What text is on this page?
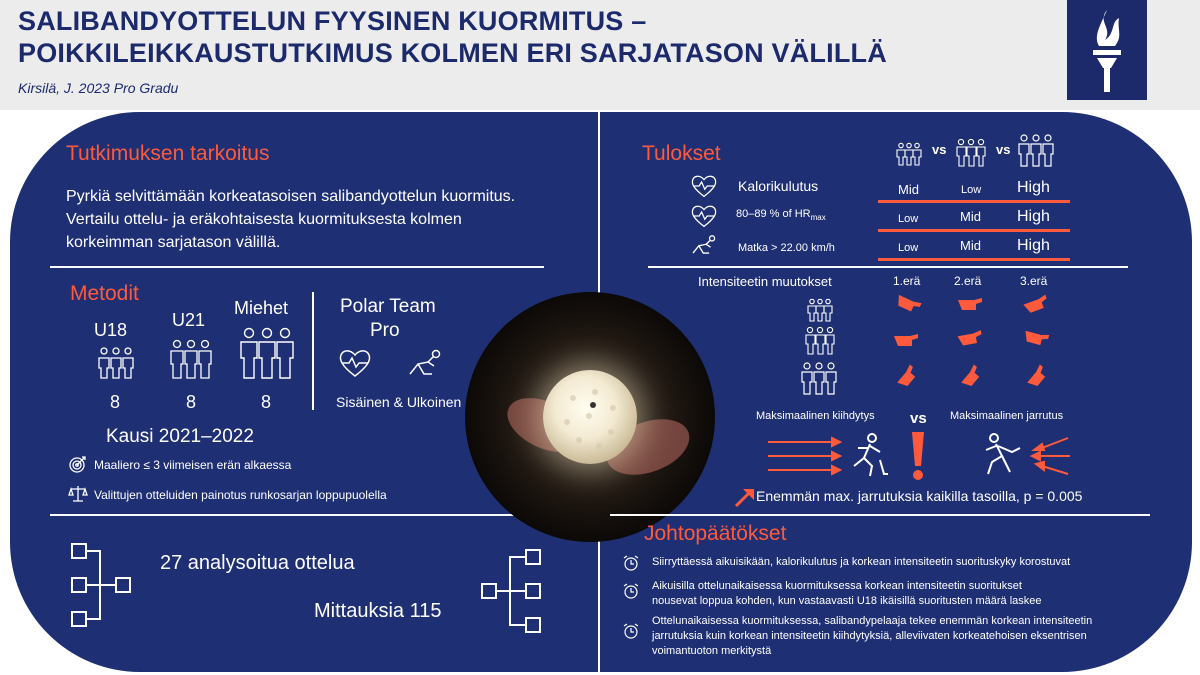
SALIBANDYOTTELUN FYYSINEN KUORMITUS –
POIKKILEIKKAUSTUTKIMUS KOLMEN ERI SARJATASON VÄLILLÄ
Kirsilä, J. 2023 Pro Gradu
Tutkimuksen tarkoitus
Pyrkiä selvittämään korkeatasoisen salibandyottelun kuormitus.
Vertailu ottelu- ja eräkohtaisesta kuormituksesta kolmen
korkeimman sarjatason välillä.
Metodit
U18 U21
Miehet
8	8	8
Polar Team
Pro
Sisäinen & Ulkoinen
Kausi 2021–2022
Maaliero ≤ 3 viimeisen erän alkaessa
Valittujen otteluiden painotus runkosarjan loppupuolella
27 analysoitua ottelua
Mittauksia 115
Tulokset	vs	vs
Kalorikulutus	Mid	Low High
80–89 % of $HR_{max}$	Low	Mid High
Matka > 22.00 km/h	Low	Mid High
Intensiteetin muutokset	1.erä	2.erä	3.erä
Maksimaalinen kiihdytys vs Maksimaalinen jarrutus
Enemmän max. jarrutuksia kaikilla tasoilla, p = 0.005
Johtopäätökset
Siirryttäessä aikuisikään, kalorikulutus ja korkean intensiteetin suorituskyky korostuvat
Aikuisilla ottelunaikaisessa kuormituksessa korkean intensiteetin suoritukset
nousevat loppua kohden, kun vastaavasti U18 ikäisillä suoritusten määrä laskee
Ottelunaikaisessa kuormituksessa, salibandypelaaja tekee enemmän korkean intensiteetin
jarrutuksia kuin korkean intensiteetin kiihdytyksiä, alleviivaten korkeatehoisen eksentrisen
voimantuoton merkitystä
